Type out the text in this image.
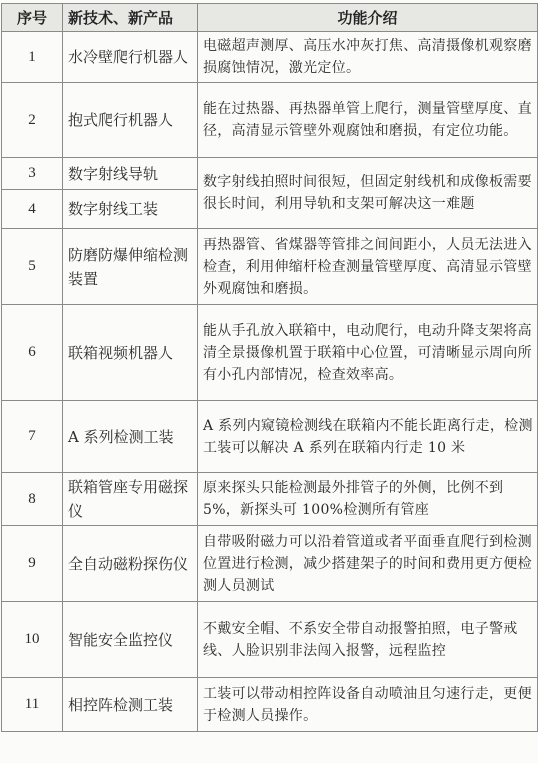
序号	新技术、新产品	功能介绍
1	水冷壁爬行机器人	电磁超声测厚、高压水冲灰打焦、高清摄像机观察磨损腐蚀情况，激光定位。
2	抱式爬行机器人	能在过热器、再热器单管上爬行，测量管壁厚度、直径，高清显示管壁外观腐蚀和磨损，有定位功能。
3	数字射线导轨	数字射线拍照时间很短，但固定射线机和成像板需要很长时间，利用导轨和支架可解决这一难题
4	数字射线工装	
5	防磨防爆伸缩检测装置	再热器管、省煤器等管排之间间距小，人员无法进入检查，利用伸缩杆检查测量管壁厚度、高清显示管壁外观腐蚀和磨损。
6	联箱视频机器人	能从手孔放入联箱中，电动爬行，电动升降支架将高清全景摄像机置于联箱中心位置，可清晰显示周向所有小孔内部情况，检查效率高。
7	A 系列检测工装	A 系列内窥镜检测线在联箱内不能长距离行走，检测工装可以解决 A 系列在联箱内行走 10 米
8	联箱管座专用磁探仪	原来探头只能检测最外排管子的外侧，比例不到 5%，新探头可 100%检测所有管座
9	全自动磁粉探伤仪	自带吸附磁力可以沿着管道或者平面垂直爬行到检测位置进行检测，减少搭建架子的时间和费用更方便检测人员测试
10	智能安全监控仪	不戴安全帽、不系安全带自动报警拍照，电子警戒线、人脸识别非法闯入报警，远程监控
11	相控阵检测工装	工装可以带动相控阵设备自动喷油且匀速行走，更便于检测人员操作。
